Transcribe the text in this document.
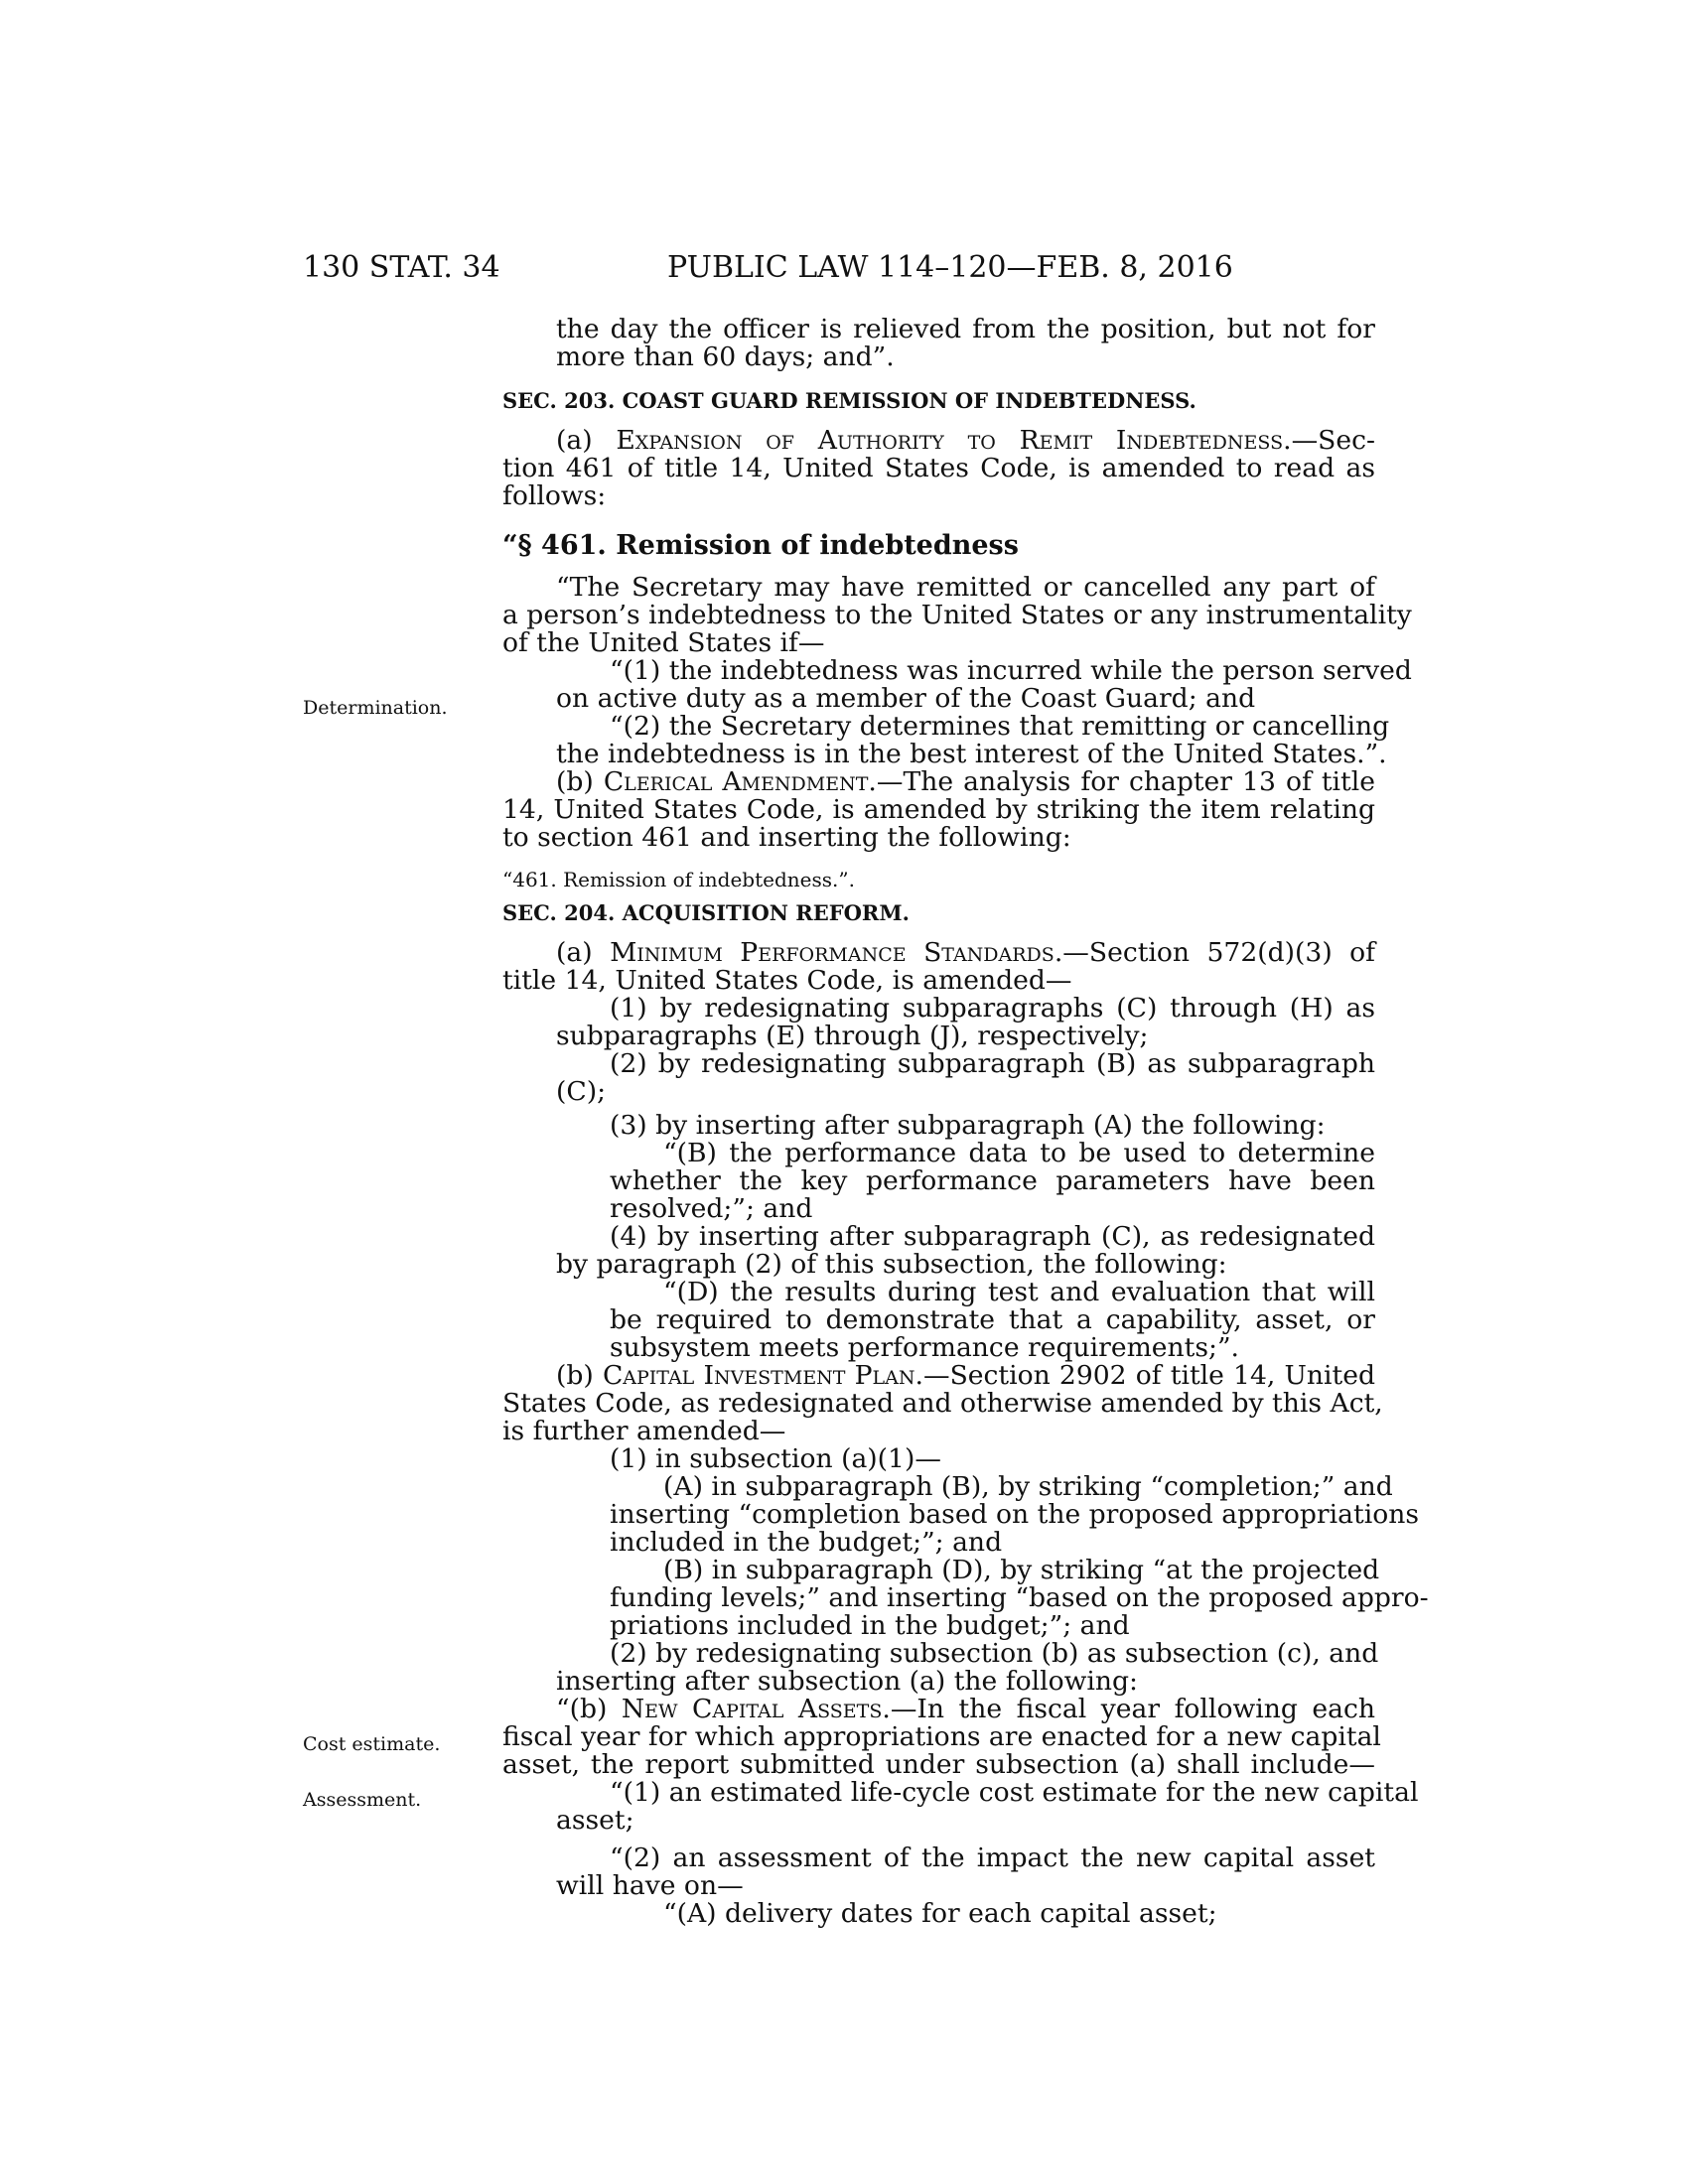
130 STAT. 34	PUBLIC LAW 114–120—FEB. 8, 2016
Determination.
Cost estimate.
Assessment.
the day the officer is relieved from the position, but not for
more than 60 days; and”.
SEC. 203. COAST GUARD REMISSION OF INDEBTEDNESS.
(a) Expansion of Authority to Remit Indebtedness.—Sec-
tion 461 of title 14, United States Code, is amended to read as
follows:
“§ 461. Remission of indebtedness
“The Secretary may have remitted or cancelled any part of
a person’s indebtedness to the United States or any instrumentality
of the United States if—
“(1) the indebtedness was incurred while the person served
on active duty as a member of the Coast Guard; and
“(2) the Secretary determines that remitting or cancelling
the indebtedness is in the best interest of the United States.”.
(b) Clerical Amendment.—The analysis for chapter 13 of title
14, United States Code, is amended by striking the item relating
to section 461 and inserting the following:
“461. Remission of indebtedness.”.
SEC. 204. ACQUISITION REFORM.
(a) Minimum Performance Standards.—Section 572(d)(3) of
title 14, United States Code, is amended—
(1) by redesignating subparagraphs (C) through (H) as
subparagraphs (E) through (J), respectively;
(2) by redesignating subparagraph (B) as subparagraph
(C);
(3) by inserting after subparagraph (A) the following:
“(B) the performance data to be used to determine
whether the key performance parameters have been
resolved;”; and
(4) by inserting after subparagraph (C), as redesignated
by paragraph (2) of this subsection, the following:
“(D) the results during test and evaluation that will
be required to demonstrate that a capability, asset, or
subsystem meets performance requirements;”.
(b) Capital Investment Plan.—Section 2902 of title 14, United
States Code, as redesignated and otherwise amended by this Act,
is further amended—
(1) in subsection (a)(1)—
(A) in subparagraph (B), by striking “completion;” and
inserting “completion based on the proposed appropriations
included in the budget;”; and
(B) in subparagraph (D), by striking “at the projected
funding levels;” and inserting “based on the proposed appro-
priations included in the budget;”; and
(2) by redesignating subsection (b) as subsection (c), and
inserting after subsection (a) the following:
“(b) New Capital Assets.—In the fiscal year following each
fiscal year for which appropriations are enacted for a new capital
asset, the report submitted under subsection (a) shall include—
“(1) an estimated life-cycle cost estimate for the new capital
asset;
“(2) an assessment of the impact the new capital asset
will have on—
“(A) delivery dates for each capital asset;
